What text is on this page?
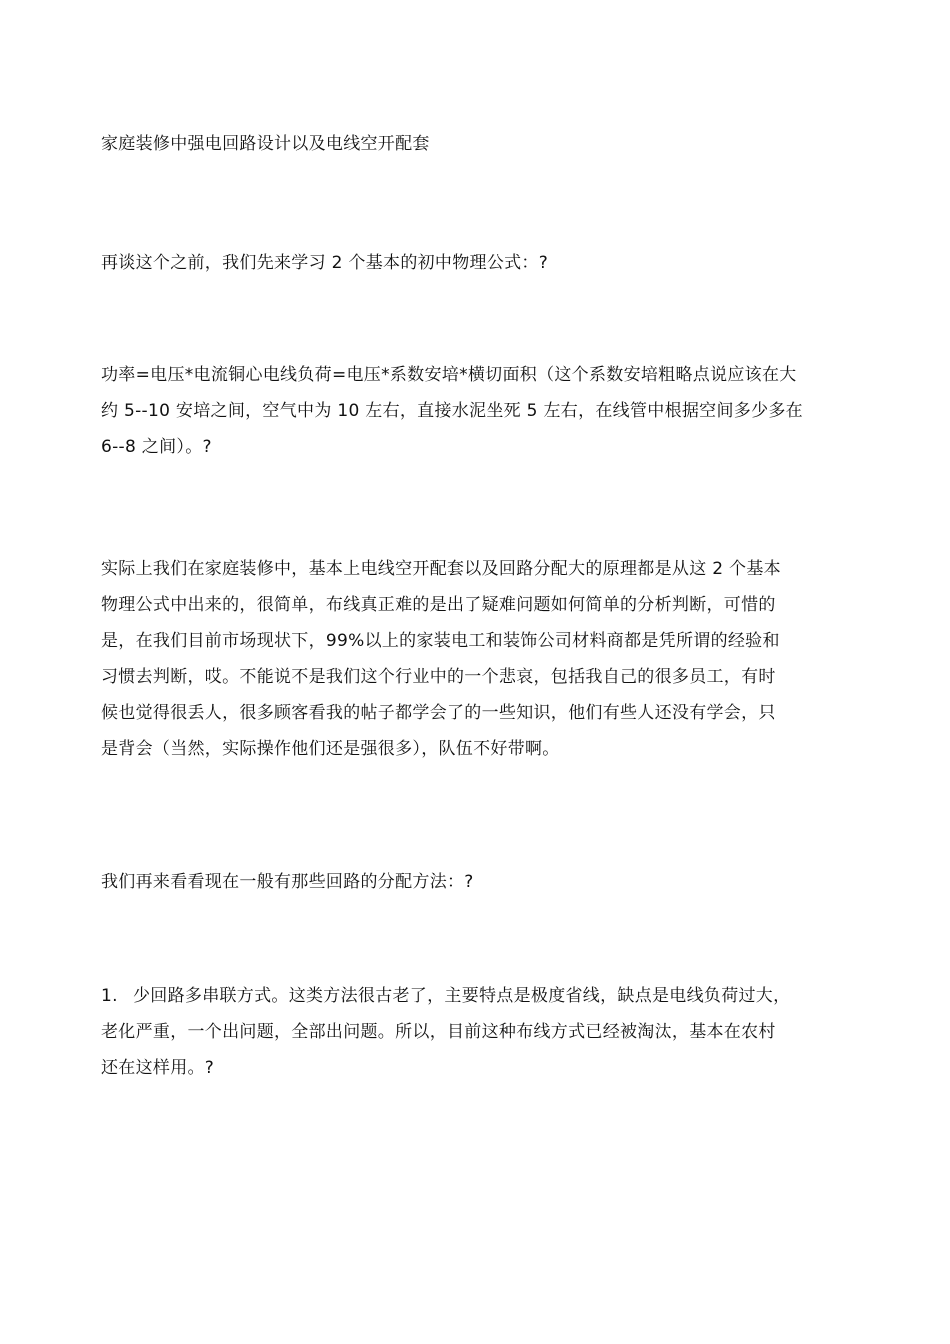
家庭装修中强电回路设计以及电线空开配套

再谈这个之前，我们先来学习 2 个基本的初中物理公式：?

功率=电压*电流铜心电线负荷=电压*系数安培*横切面积（这个系数安培粗略点说应该在大
约 5--10 安培之间，空气中为 10 左右，直接水泥坐死 5 左右，在线管中根据空间多少多在
6--8 之间）。?

实际上我们在家庭装修中，基本上电线空开配套以及回路分配大的原理都是从这 2 个基本
物理公式中出来的，很简单，布线真正难的是出了疑难问题如何简单的分析判断，可惜的
是，在我们目前市场现状下，99%以上的家装电工和装饰公司材料商都是凭所谓的经验和
习惯去判断，哎。不能说不是我们这个行业中的一个悲哀，包括我自己的很多员工，有时
候也觉得很丢人，很多顾客看我的帖子都学会了的一些知识，他们有些人还没有学会，只
是背会（当然，实际操作他们还是强很多），队伍不好带啊。

我们再来看看现在一般有那些回路的分配方法：?

1. 少回路多串联方式。这类方法很古老了，主要特点是极度省线，缺点是电线负荷过大，
老化严重，一个出问题，全部出问题。所以，目前这种布线方式已经被淘汰，基本在农村
还在这样用。?
